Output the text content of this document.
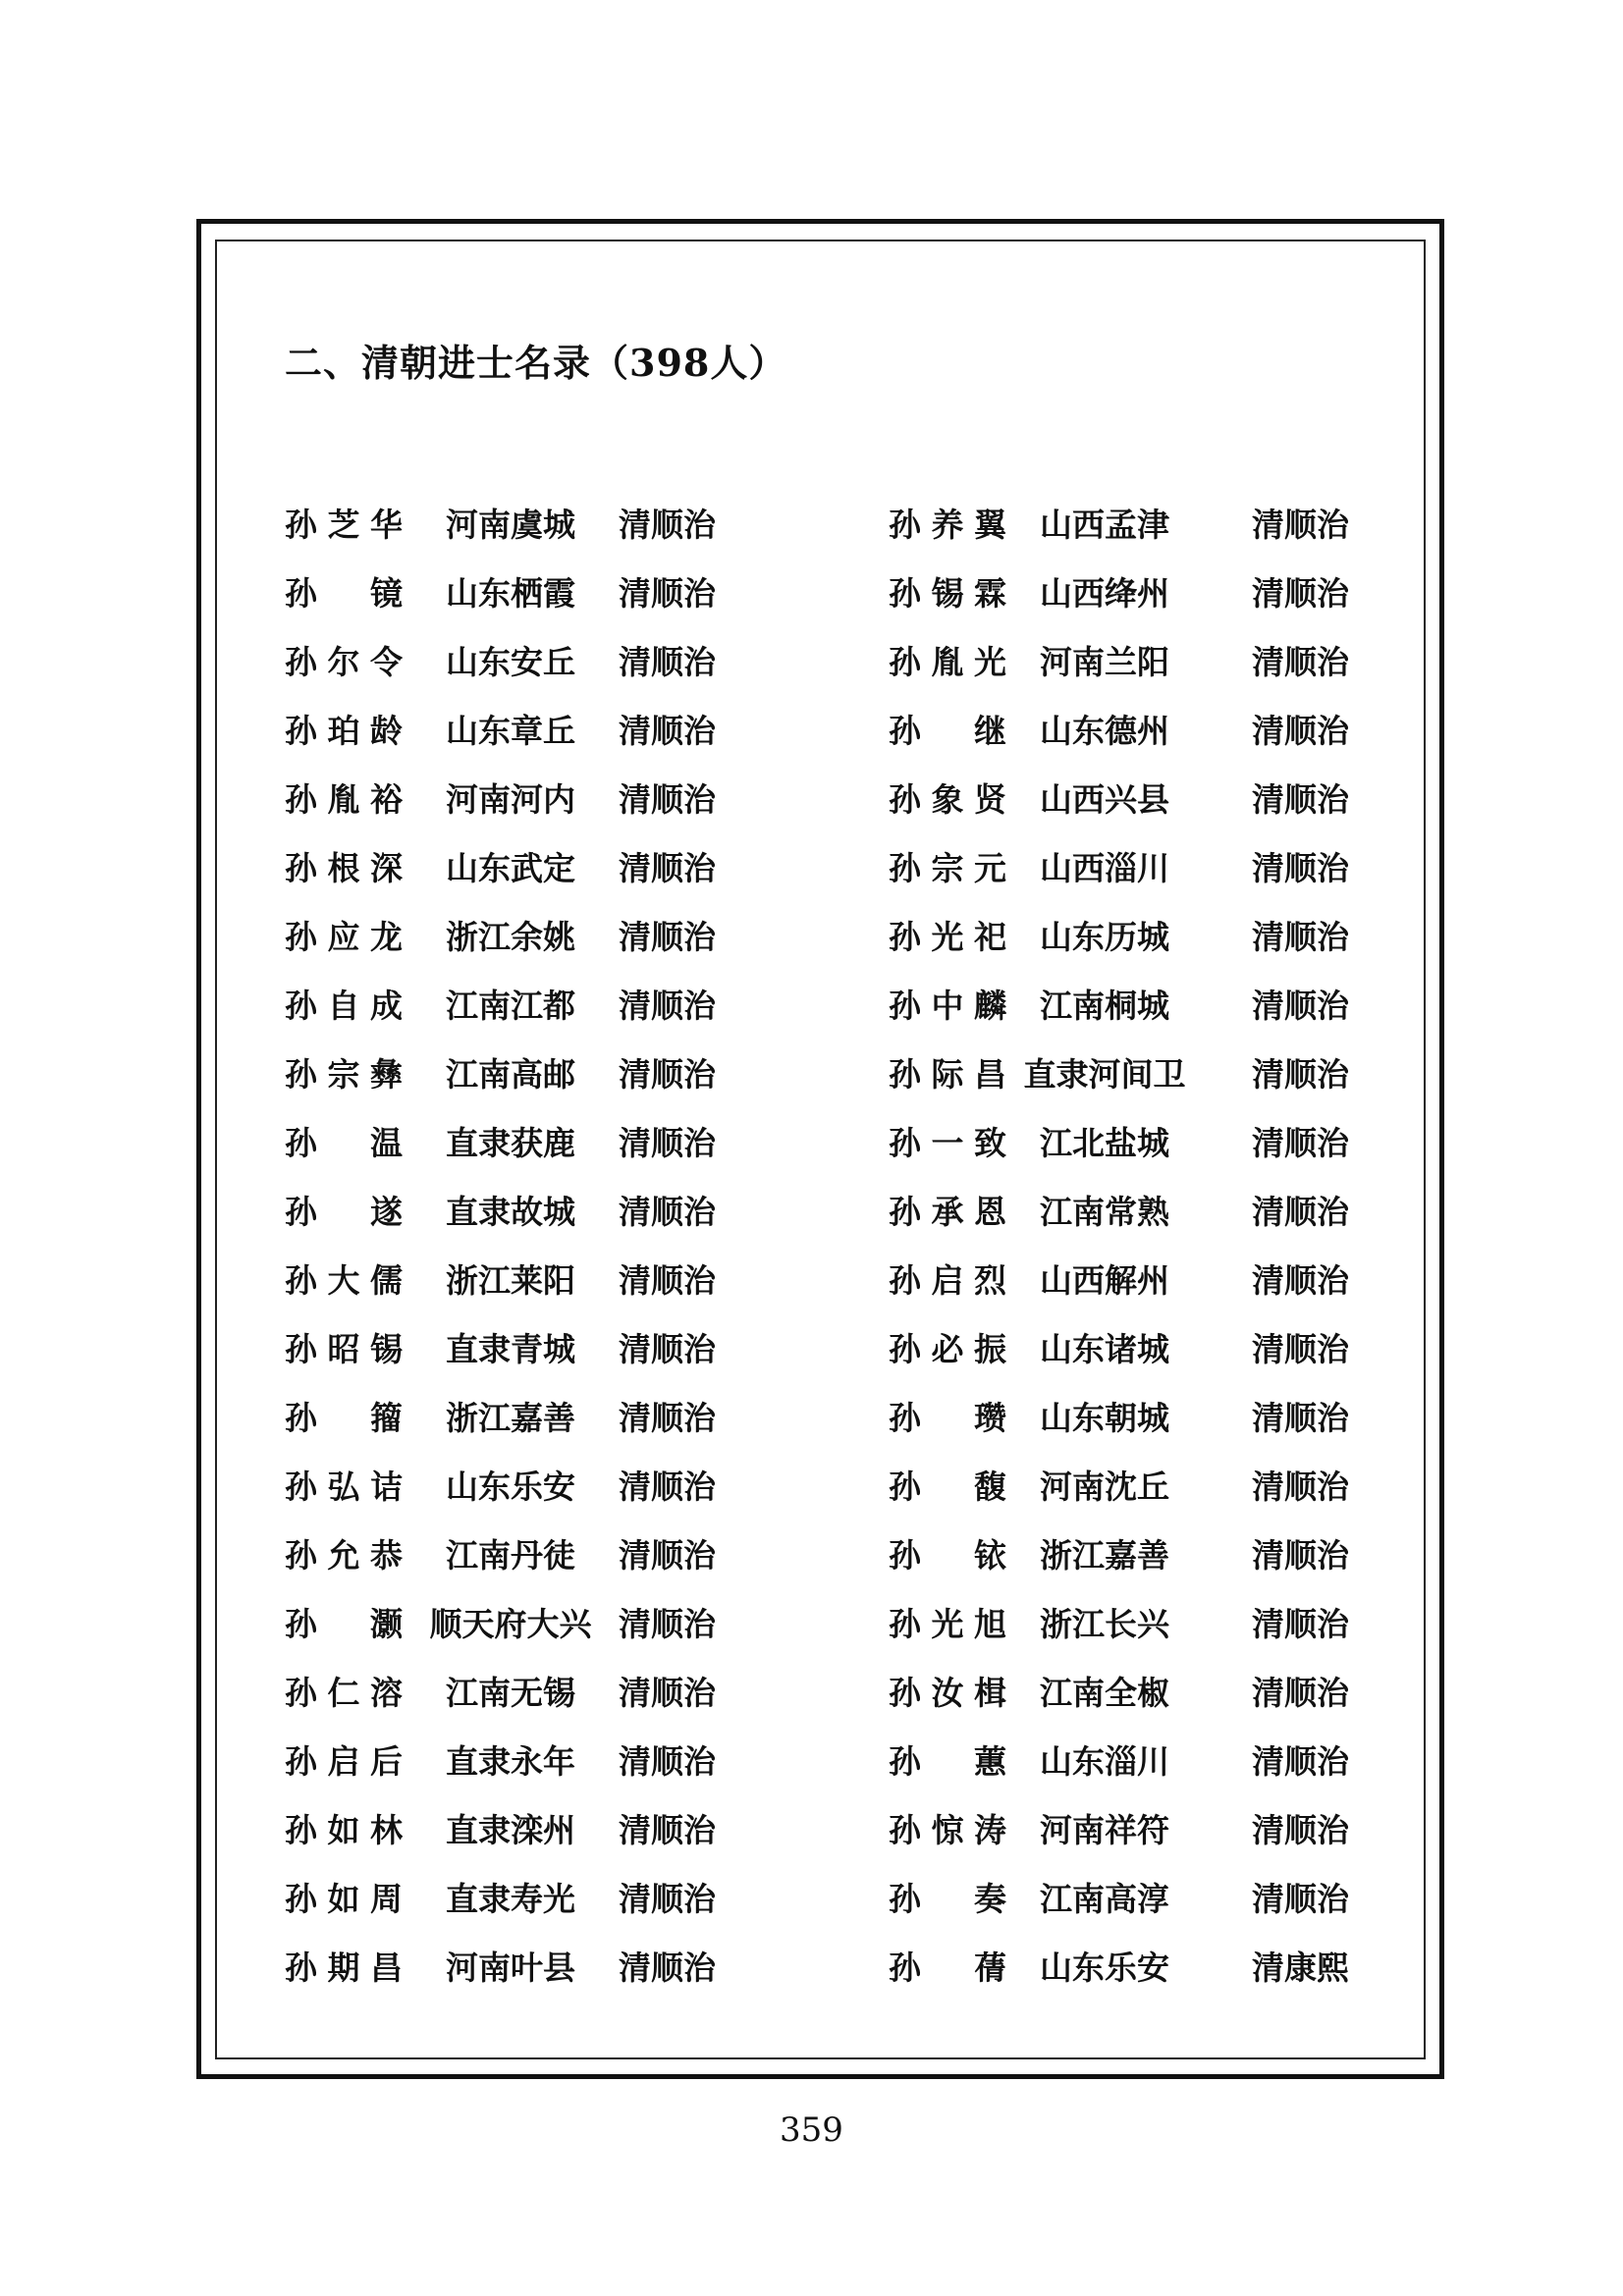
二、清朝进士名录（398人）
孙芝华	河南虞城	清顺治
孙　镜	山东栖霞	清顺治
孙尔令	山东安丘	清顺治
孙珀龄	山东章丘	清顺治
孙胤裕	河南河内	清顺治
孙根深	山东武定	清顺治
孙应龙	浙江余姚	清顺治
孙自成	江南江都	清顺治
孙宗彝	江南高邮	清顺治
孙　温	直隶获鹿	清顺治
孙　遂	直隶故城	清顺治
孙大儒	浙江莱阳	清顺治
孙昭锡	直隶青城	清顺治
孙　籀	浙江嘉善	清顺治
孙弘诘	山东乐安	清顺治
孙允恭	江南丹徒	清顺治
孙　灏 顺天府大兴 清顺治
孙仁溶	江南无锡	清顺治
孙启后	直隶永年	清顺治
孙如林	直隶滦州	清顺治
孙如周	直隶寿光	清顺治
孙期昌	河南叶县	清顺治
孙养翼	山西孟津	清顺治
孙锡霖	山西绛州	清顺治
孙胤光	河南兰阳	清顺治
孙　继	山东德州	清顺治
孙象贤	山西兴县	清顺治
孙宗元	山西淄川	清顺治
孙光祀	山东历城	清顺治
孙中麟	江南桐城	清顺治
孙际昌 直隶河间卫	清顺治
孙一致	江北盐城	清顺治
孙承恩	江南常熟	清顺治
孙启烈	山西解州	清顺治
孙必振	山东诸城	清顺治
孙　瓒	山东朝城	清顺治
孙　馥	河南沈丘	清顺治
孙　铱	浙江嘉善	清顺治
孙光旭	浙江长兴	清顺治
孙汝楫	江南全椒	清顺治
孙　蕙	山东淄川	清顺治
孙惊涛	河南祥符	清顺治
孙　奏	江南高淳	清顺治
孙　蒨	山东乐安	清康熙
359
